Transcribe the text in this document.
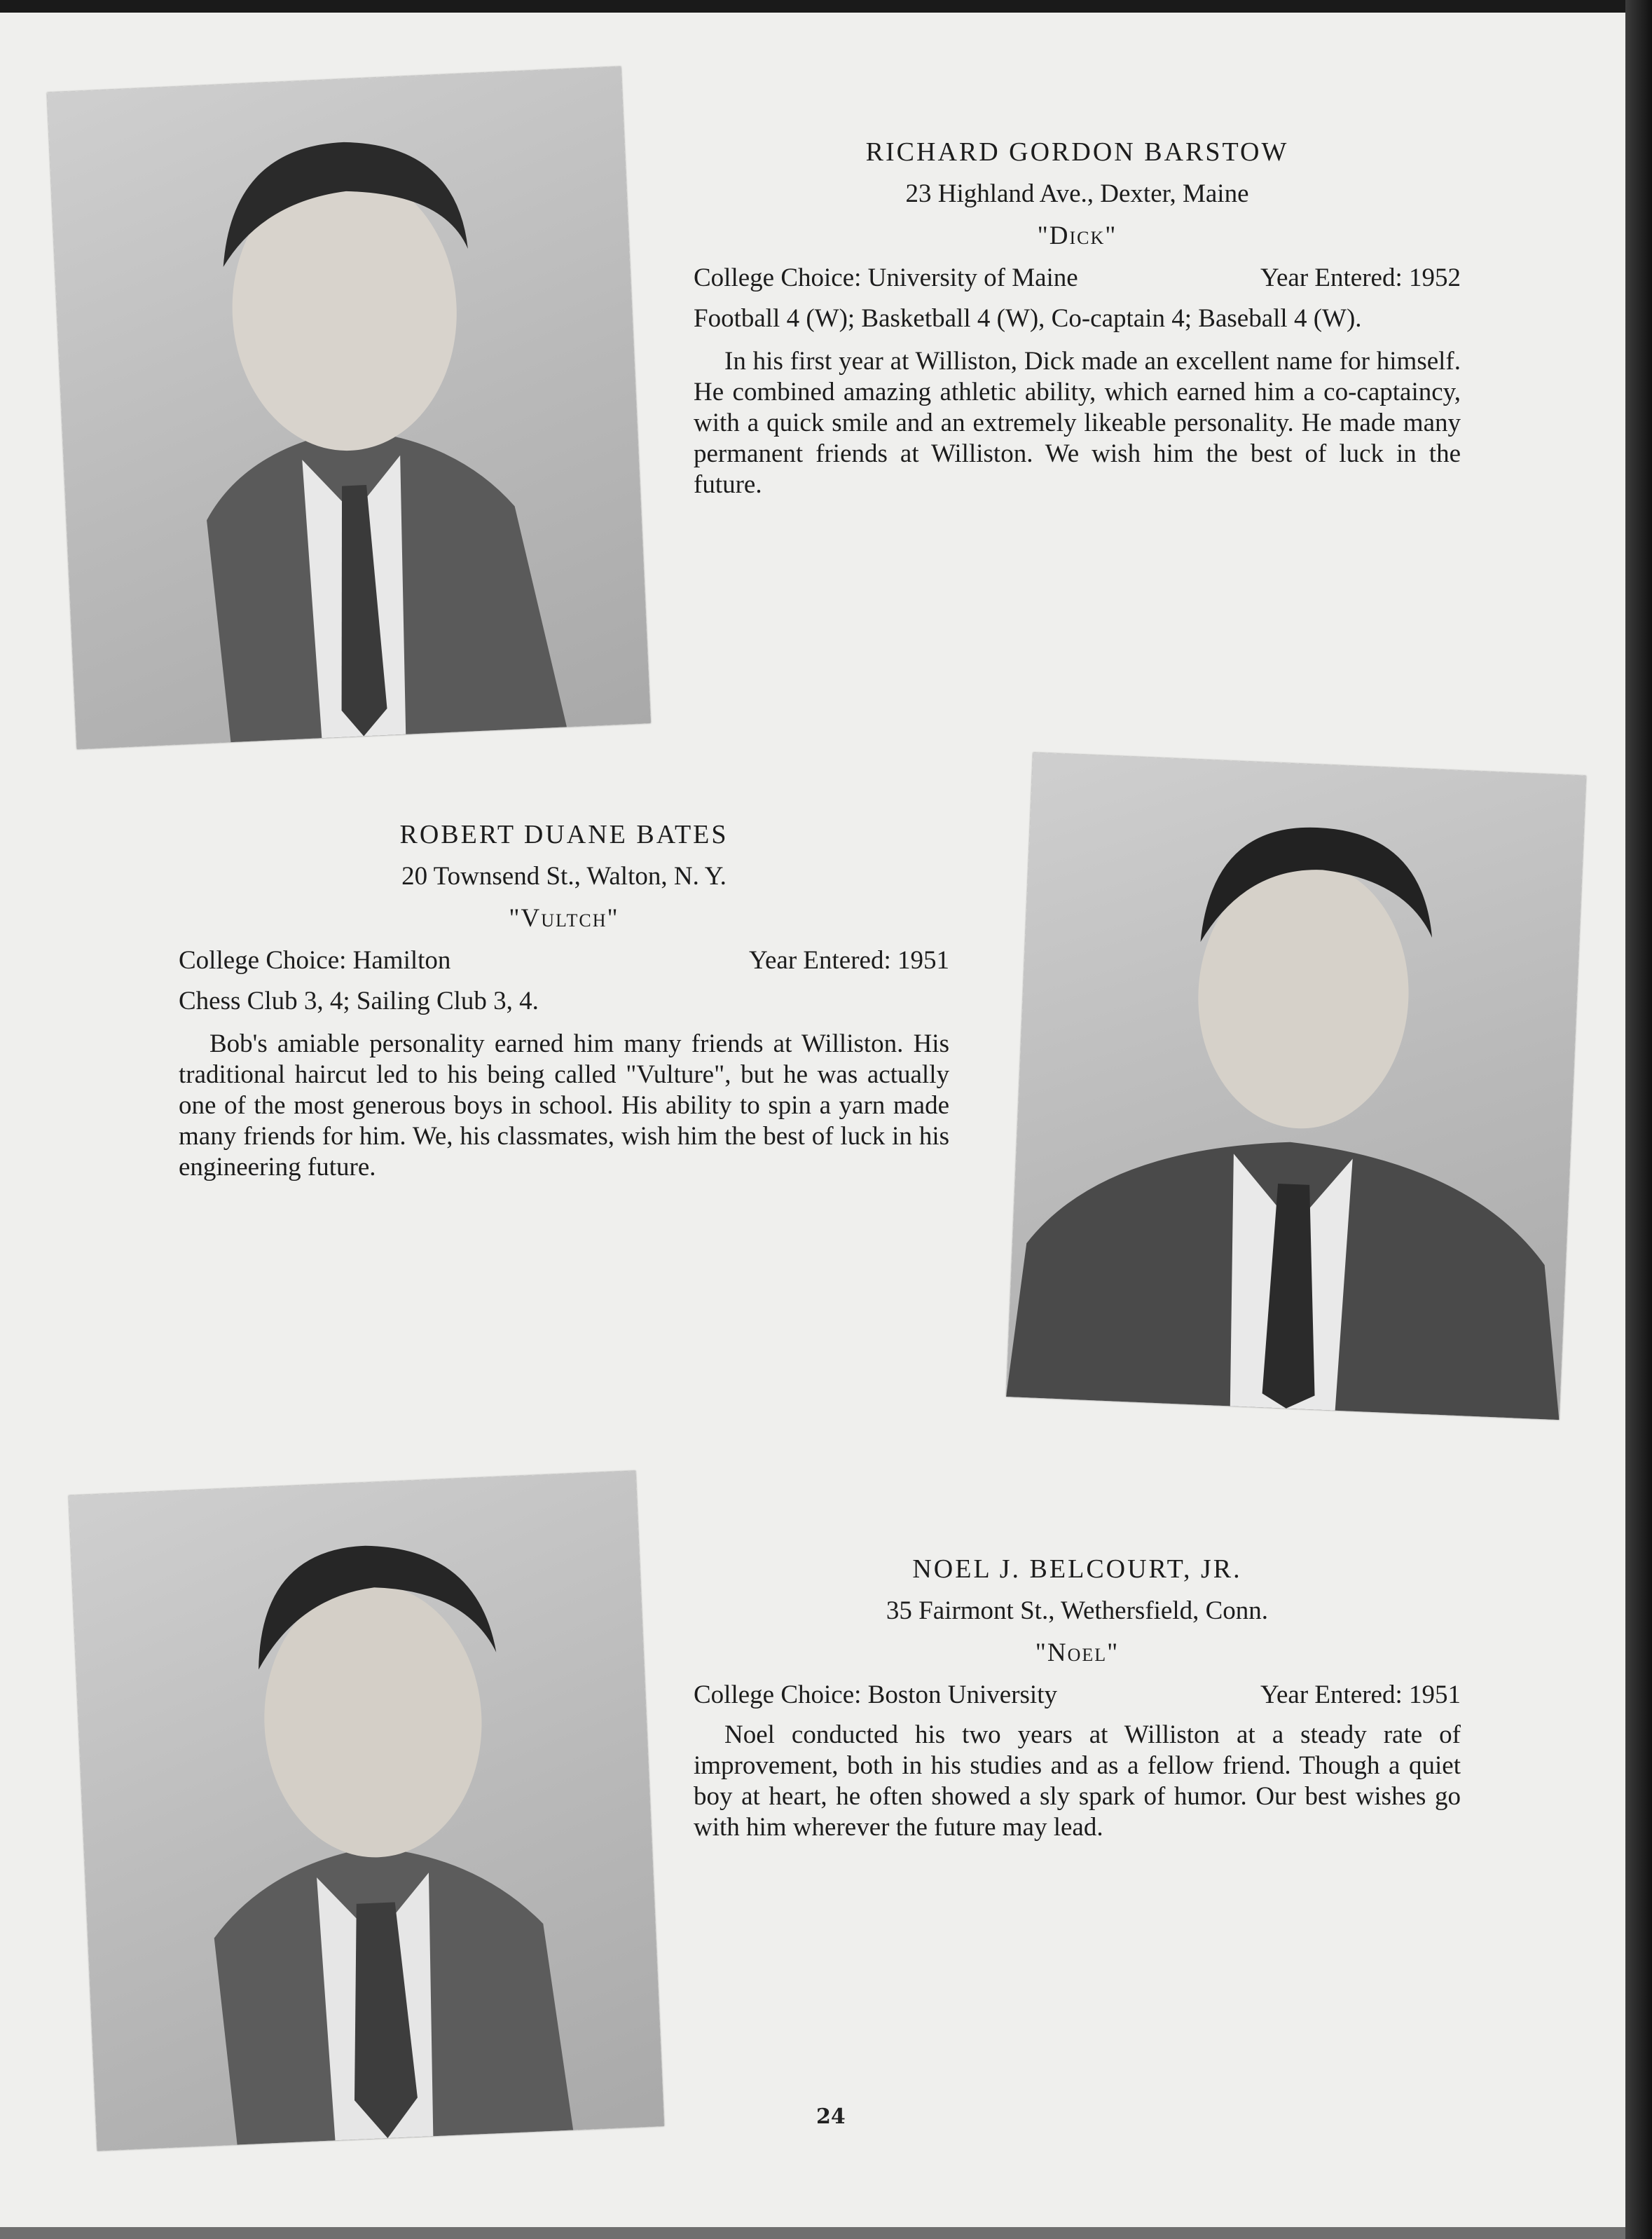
RICHARD GORDON BARSTOW
23 Highland Ave., Dexter, Maine
"Dick"
College Choice: University of Maine	Year Entered: 1952
Football 4 (W); Basketball 4 (W), Co-captain 4; Baseball 4 (W).
In his first year at Williston, Dick made an excellent name for himself. He combined amazing athletic ability, which earned him a co-captaincy, with a quick smile and an extremely likeable personality. He made many permanent friends at Williston. We wish him the best of luck in the future.
ROBERT DUANE BATES
20 Townsend St., Walton, N. Y.
"Vultch"
College Choice: Hamilton	Year Entered: 1951
Chess Club 3, 4; Sailing Club 3, 4.
Bob's amiable personality earned him many friends at Williston. His traditional haircut led to his being called "Vulture", but he was actually one of the most generous boys in school. His ability to spin a yarn made many friends for him. We, his classmates, wish him the best of luck in his engineering future.
NOEL J. BELCOURT, JR.
35 Fairmont St., Wethersfield, Conn.
"Noel"
College Choice: Boston University	Year Entered: 1951
Noel conducted his two years at Williston at a steady rate of improvement, both in his studies and as a fellow friend. Though a quiet boy at heart, he often showed a sly spark of humor. Our best wishes go with him wherever the future may lead.
24
